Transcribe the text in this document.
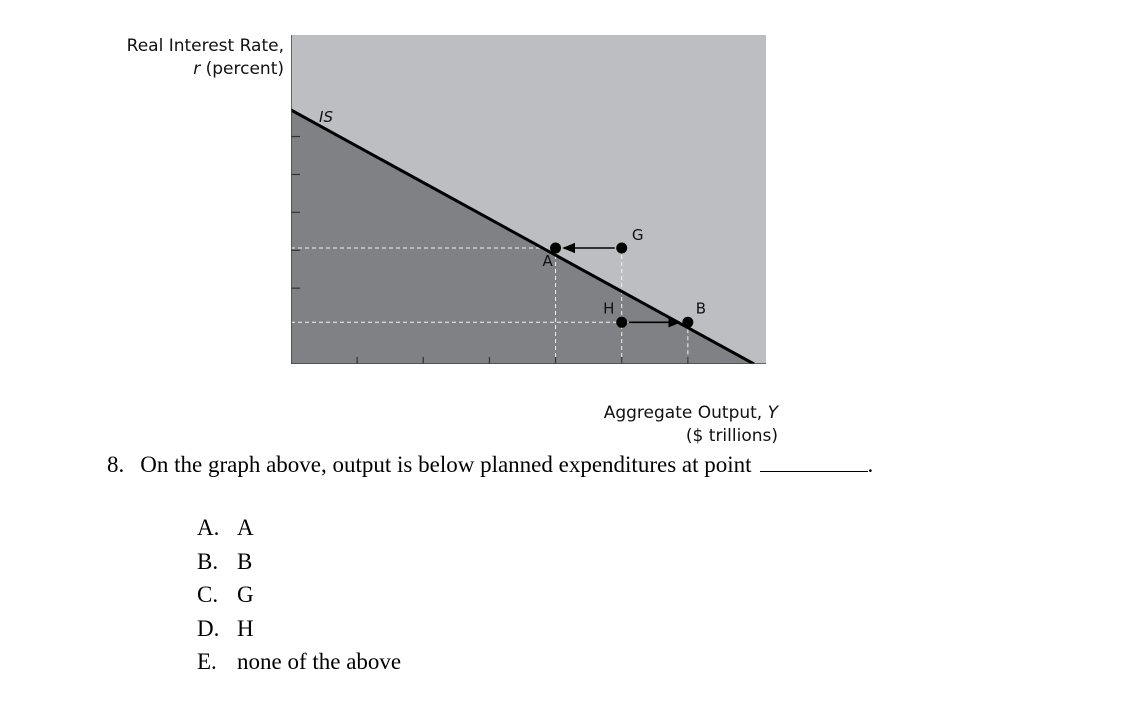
A
G
H	B
IS
Real Interest Rate,
r (percent)
Aggregate Output, Y
($ trillions)
8. On the graph above, output is below planned expenditures at point	.
A. A
B. B
C. G
D. H
E. none of the above
